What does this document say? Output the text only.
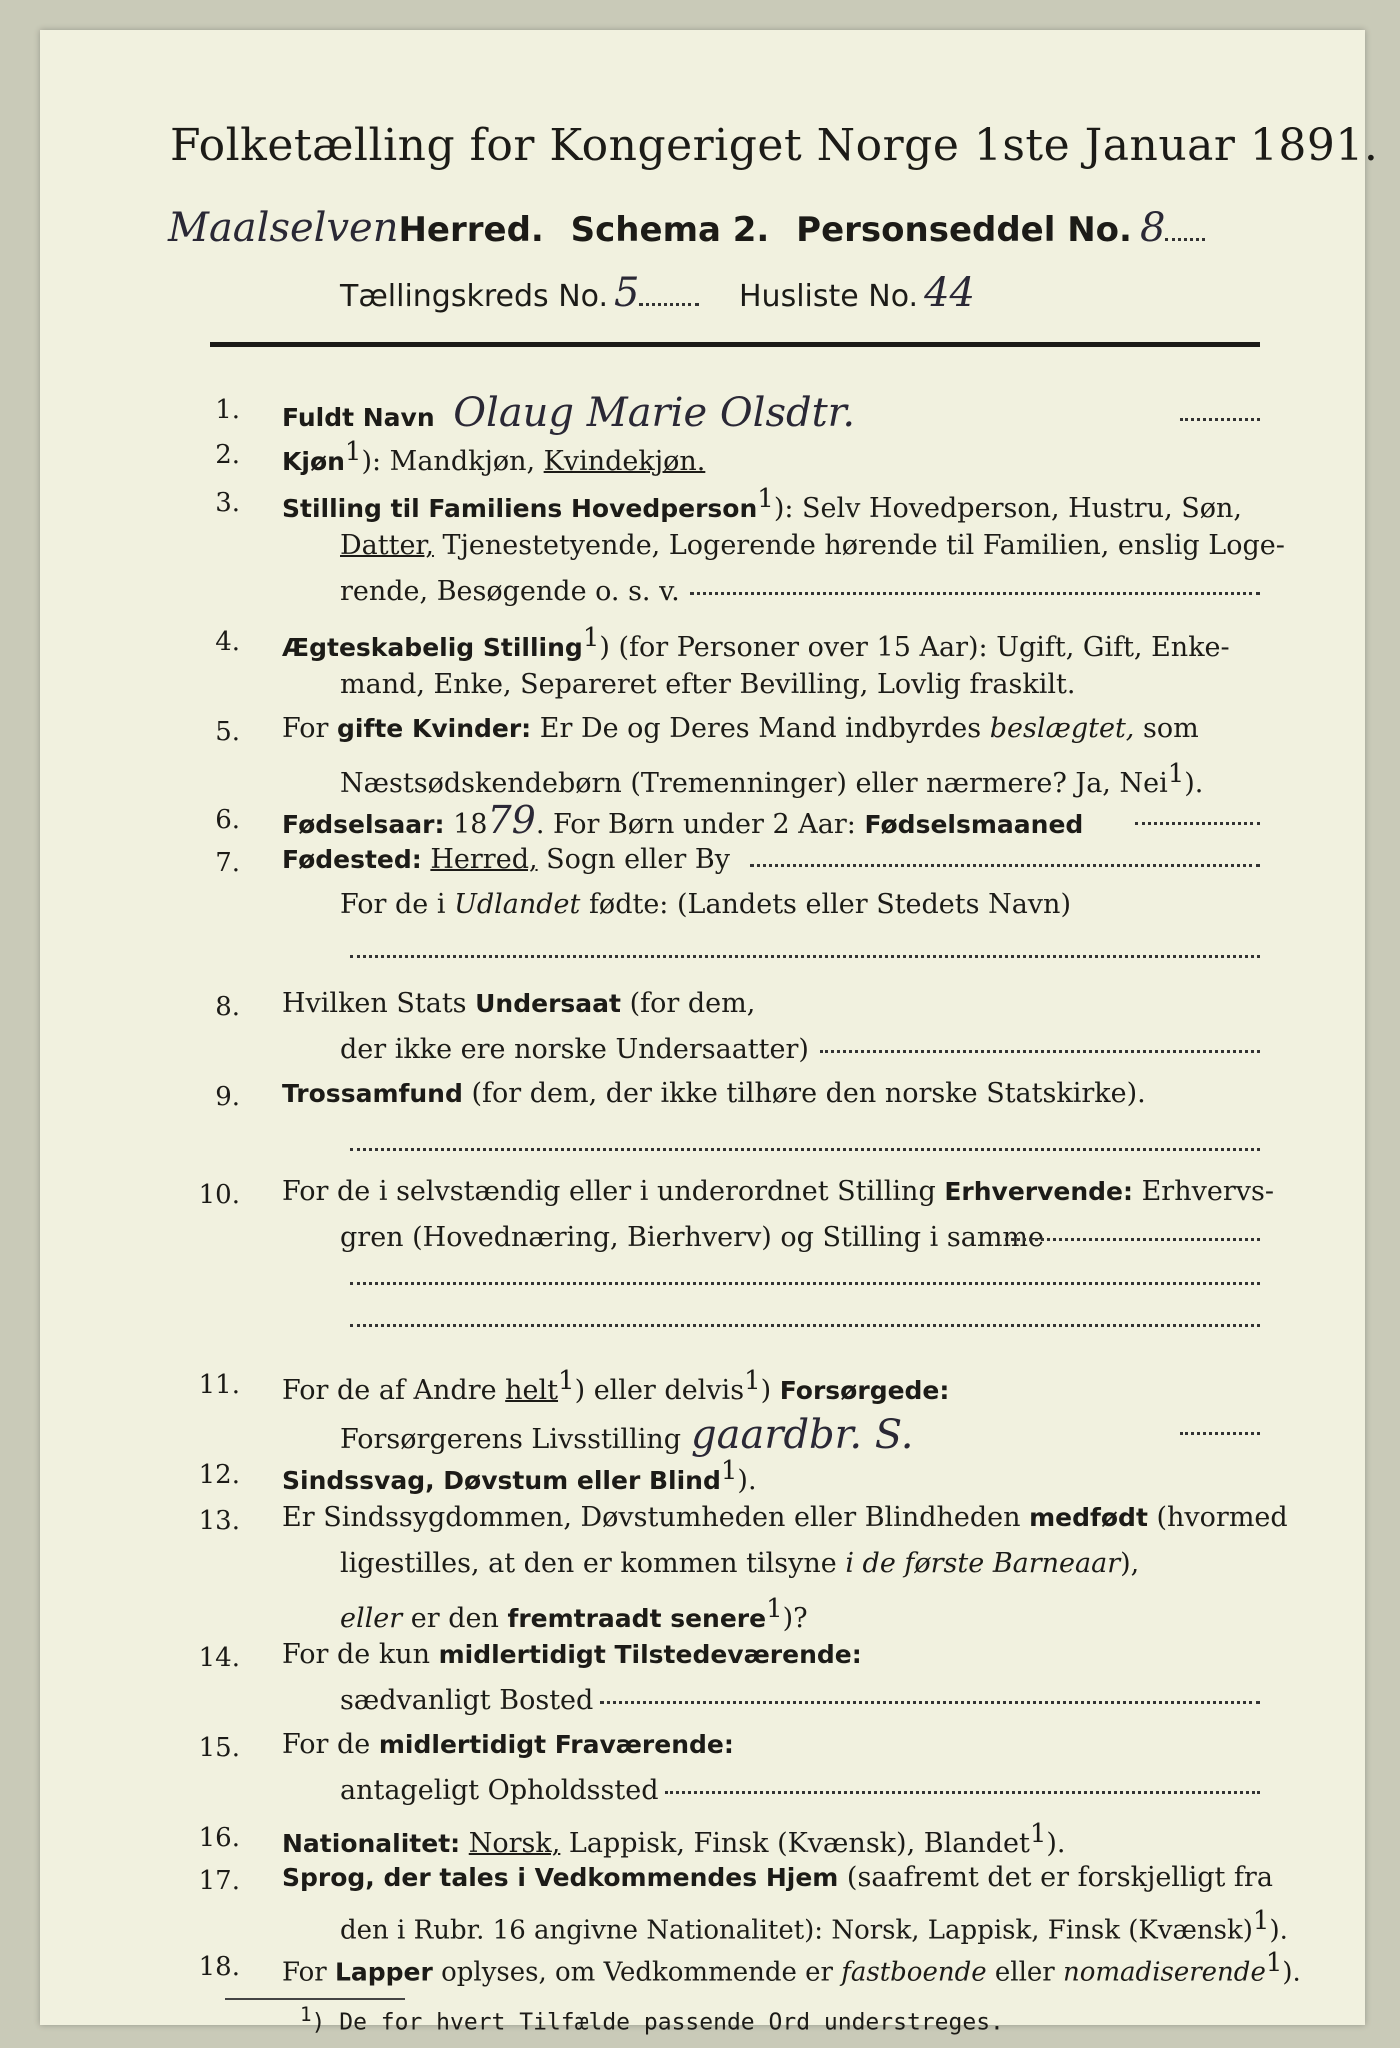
Folketælling for Kongeriget Norge 1ste Januar 1891.
MaalselvenHerred. Schema 2. Personseddel No. 8
Tællingskreds No. 5	Husliste No. 44
1. Fuldt Navn Olaug Marie Olsdtr.
2. Kjøn$^1$): Mandkjøn, Kvindekjøn.
3. Stilling til Familiens Hovedperson$^1$): Selv Hovedperson, Hustru, Søn,
Datter, Tjenestetyende, Logerende hørende til Familien, enslig Loge-
rende, Besøgende o. s. v.
4. Ægteskabelig Stilling$^1$) (for Personer over 15 Aar): Ugift, Gift, Enke-
mand, Enke, Separeret efter Bevilling, Lovlig fraskilt.
5. For gifte Kvinder: Er De og Deres Mand indbyrdes beslægtet, som
Næstsødskendebørn (Tremenninger) eller nærmere? Ja, Nei$^1$).
6. Fødselsaar: 1879. For Børn under 2 Aar: Fødselsmaaned
7. Fødested: Herred, Sogn eller By
For de i Udlandet fødte: (Landets eller Stedets Navn)
8. Hvilken Stats Undersaat (for dem,
der ikke ere norske Undersaatter)
9. Trossamfund (for dem, der ikke tilhøre den norske Statskirke).
10. For de i selvstændig eller i underordnet Stilling Erhvervende: Erhvervs-
gren (Hovednæring, Bierhverv) og Stilling i samme
11. For de af Andre helt$^1$) eller delvis$^1$) Forsørgede:
Forsørgerens Livsstilling gaardbr. S.
12. Sindssvag, Døvstum eller Blind$^1$).
13. Er Sindssygdommen, Døvstumheden eller Blindheden medfødt (hvormed
ligestilles, at den er kommen tilsyne i de første Barneaar),
eller er den fremtraadt senere$^1$)?
14. For de kun midlertidigt Tilstedeværende:
sædvanligt Bosted
15. For de midlertidigt Fraværende:
antageligt Opholdssted
16. Nationalitet: Norsk, Lappisk, Finsk (Kvænsk), Blandet$^1$).
17. Sprog, der tales i Vedkommendes Hjem (saafremt det er forskjelligt fra
den i Rubr. 16 angivne Nationalitet): Norsk, Lappisk, Finsk (Kvænsk)$^1$).
18. For Lapper oplyses, om Vedkommende er fastboende eller nomadiserende$^1$).
$^1$) De for hvert Tilfælde passende Ord understreges.
